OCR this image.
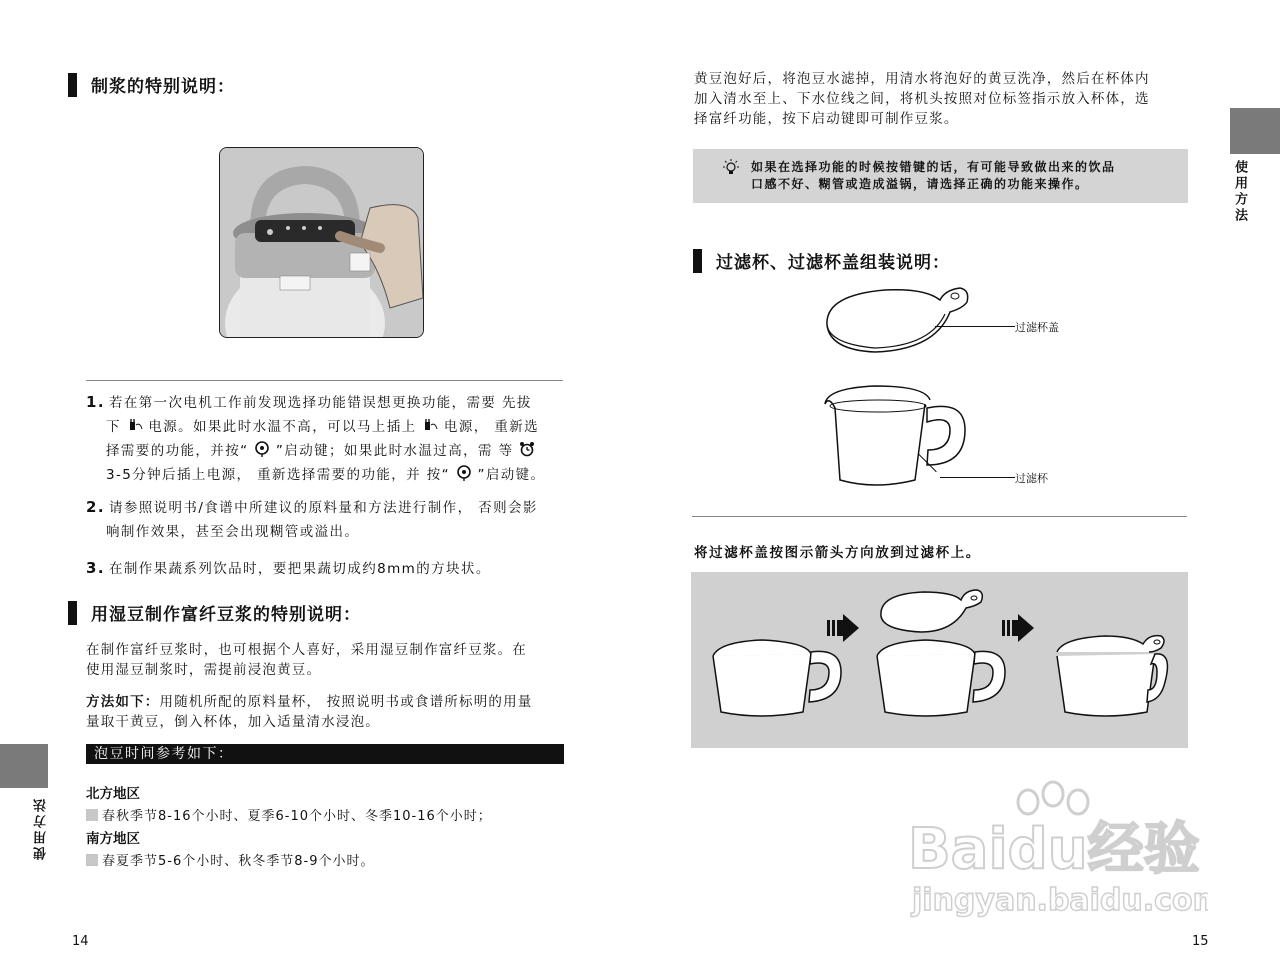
制浆的特别说明：
1. 若在第一次电机工作前发现选择功能错误想更换功能，需要 先拔
下 电源。如果此时水温不高，可以马上插上 电源， 重新选
择需要的功能，并按“ ”启动键；如果此时水温过高，需 等
3-5分钟后插上电源， 重新选择需要的功能，并 按“ ”启动键。
2. 请参照说明书/食谱中所建议的原料量和方法进行制作， 否则会影
响制作效果，甚至会出现糊管或溢出。
3. 在制作果蔬系列饮品时，要把果蔬切成约8mm的方块状。
用湿豆制作富纤豆浆的特别说明：
在制作富纤豆浆时，也可根据个人喜好，采用湿豆制作富纤豆浆。在
使用湿豆制浆时，需提前浸泡黄豆。
方法如下：用随机所配的原料量杯， 按照说明书或食谱所标明的用量
量取干黄豆，倒入杯体，加入适量清水浸泡。
泡豆时间参考如下：
北方地区
春秋季节8-16个小时、夏季6-10个小时、冬季10-16个小时；
南方地区
春夏季节5-6个小时、秋冬季节8-9个小时。
使用方法
14
黄豆泡好后，将泡豆水滤掉，用清水将泡好的黄豆洗净，然后在杯体内
加入清水至上、下水位线之间，将机头按照对位标签指示放入杯体，选
择富纤功能，按下启动键即可制作豆浆。
如果在选择功能的时候按错键的话，有可能导致做出来的饮品
口感不好、糊管或造成溢锅，请选择正确的功能来操作。
过滤杯、过滤杯盖组装说明：
过滤杯盖
过滤杯
将过滤杯盖按图示箭头方向放到过滤杯上。
使用方法
15
Baidu经验
jingyan.baidu.com
